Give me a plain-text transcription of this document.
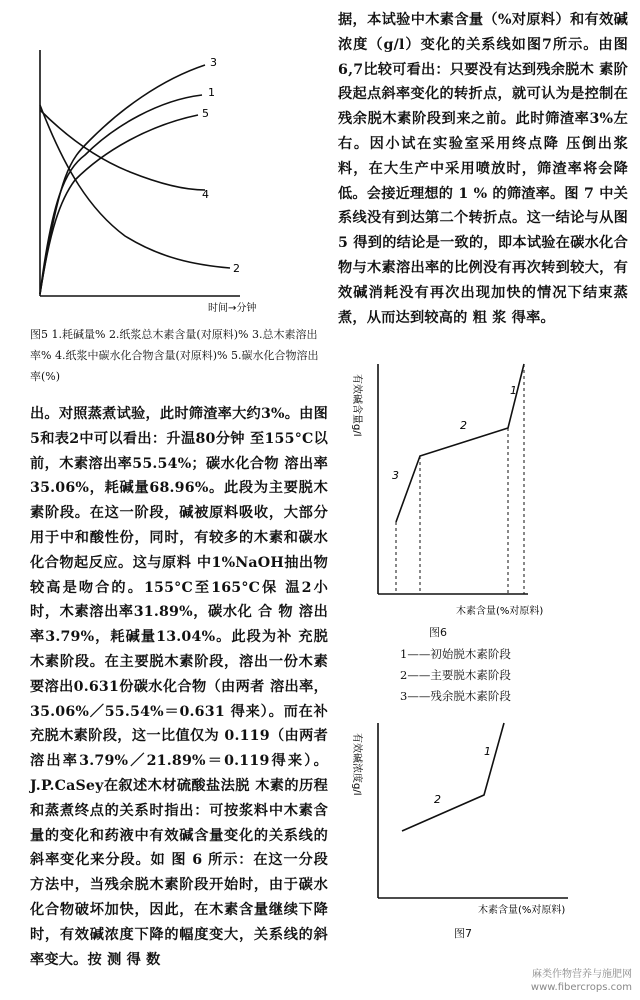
3
1
5
4
2
时间→分钟

图5 1.耗碱量% 2.纸浆总木素含量(对原料)% 3.总木素溶出率% 4.纸浆中碳水化合物含量(对原料)% 5.碳水化合物溶出率(%)

出。对照蒸煮试验，此时筛渣率大约3%。由图5和表2中可以看出：升温80分钟 至155°C以前，木素溶出率55.54%；碳水化合物 溶出率35.06%，耗碱量68.96%。此段为主要脱木素阶段。在这一阶段，碱被原料吸收，大部分用于中和酸性份，同时，有较多的木素和碳水化合物起反应。这与原料 中1%NaOH抽出物较高是吻合的。155°C至165°C保 温2小时，木素溶出率31.89%，碳水化 合 物 溶出率3.79%，耗碱量13.04%。此段为补 充脱木素阶段。在主要脱木素阶段，溶出一份木素要溶出0.631份碳水化合物（由两者 溶出率，35.06%／55.54%＝0.631 得来）。而在补充脱木素阶段，这一比值仅为 0.119（由两者溶出率3.79%／21.89%＝0.119得来）。J.P.CaSey在叙述木材硫酸盐法脱 木素的历程和蒸煮终点的关系时指出：可按浆料中木素含量的变化和药液中有效碱含量变化的关系线的斜率变化来分段。如 图 6 所示：在这一分段方法中，当残余脱木素阶段开始时，由于碳水化合物破坏加快，因此，在木素含量继续下降时，有效碱浓度下降的幅度变大，关系线的斜率变大。按 测 得 数

据，本试验中木素含量（%对原料）和有效碱浓度（g/l）变化的关系线如图7所示。由图6,7比较可看出：只要没有达到残余脱木 素阶段起点斜率变化的转折点，就可认为是控制在残余脱木素阶段到来之前。此时筛渣率3%左右。因小试在实验室采用终点降 压倒出浆料，在大生产中采用喷放时，筛渣率将会降低。会接近理想的 1 % 的筛渣率。图 7 中关系线没有到达第二个转折点。这一结论与从图 5 得到的结论是一致的，即本试验在碳水化合物与木素溶出率的比例没有再次转到较大，有效碱消耗没有再次出现加快的情况下结束蒸煮，从而达到较高的 粗 浆 得率。

有效碱含量g/l	1
2
3
木素含量(%对原料)
图6

1——初始脱木素阶段

2——主要脱木素阶段

3——残余脱木素阶段

有效碱浓度g/l
2
1
木素含量(%对原料)
图7
麻类作物营养与施肥网
www.fibercrops.com
